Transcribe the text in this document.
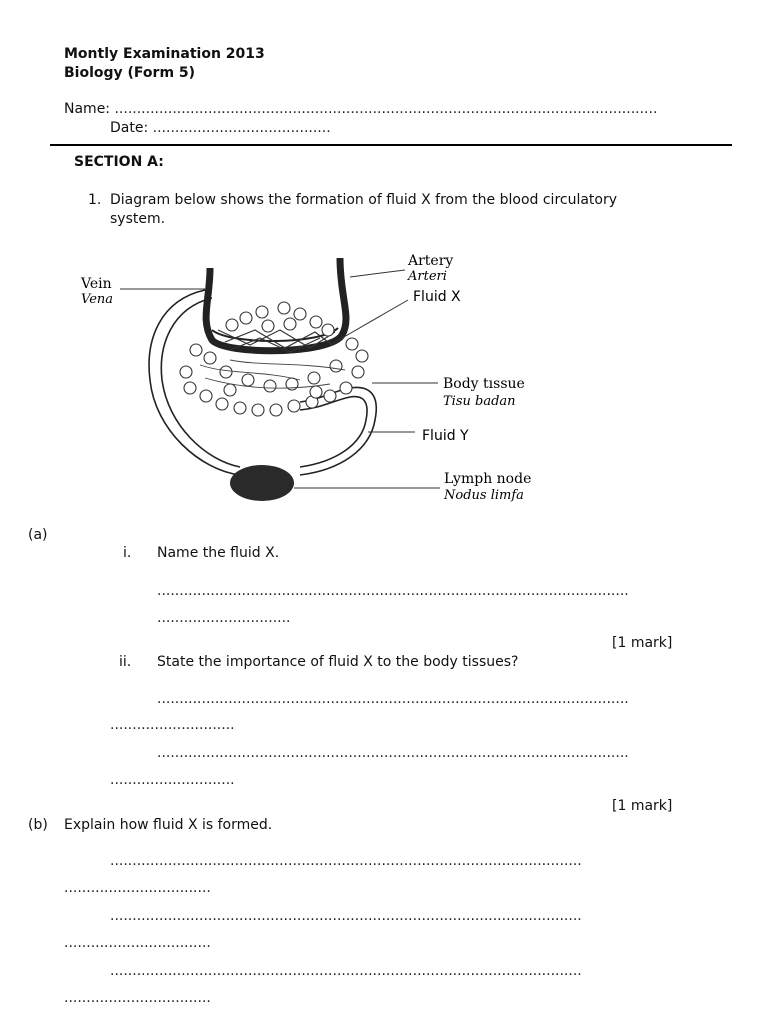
Montly Examination 2013
Biology (Form 5)
Name: ..........................................................................................................................
Date: ........................................
SECTION A:
1. Diagram below shows the formation of fluid X from the blood circulatory
system.
Vein
Vena
Artery
Arteri
Fluid X
Body tıssue
Tisu badan
Fluid Y
Lymph node
Nodus limfa
(a)
i. Name the fluid X.
..........................................................................................................
..............................
[1 mark]
ii. State the importance of fluid X to the body tissues?
..........................................................................................................
............................
..........................................................................................................
............................
[1 mark]
(b) Explain how fluid X is formed.
..........................................................................................................
.................................
..........................................................................................................
.................................
..........................................................................................................
.................................
